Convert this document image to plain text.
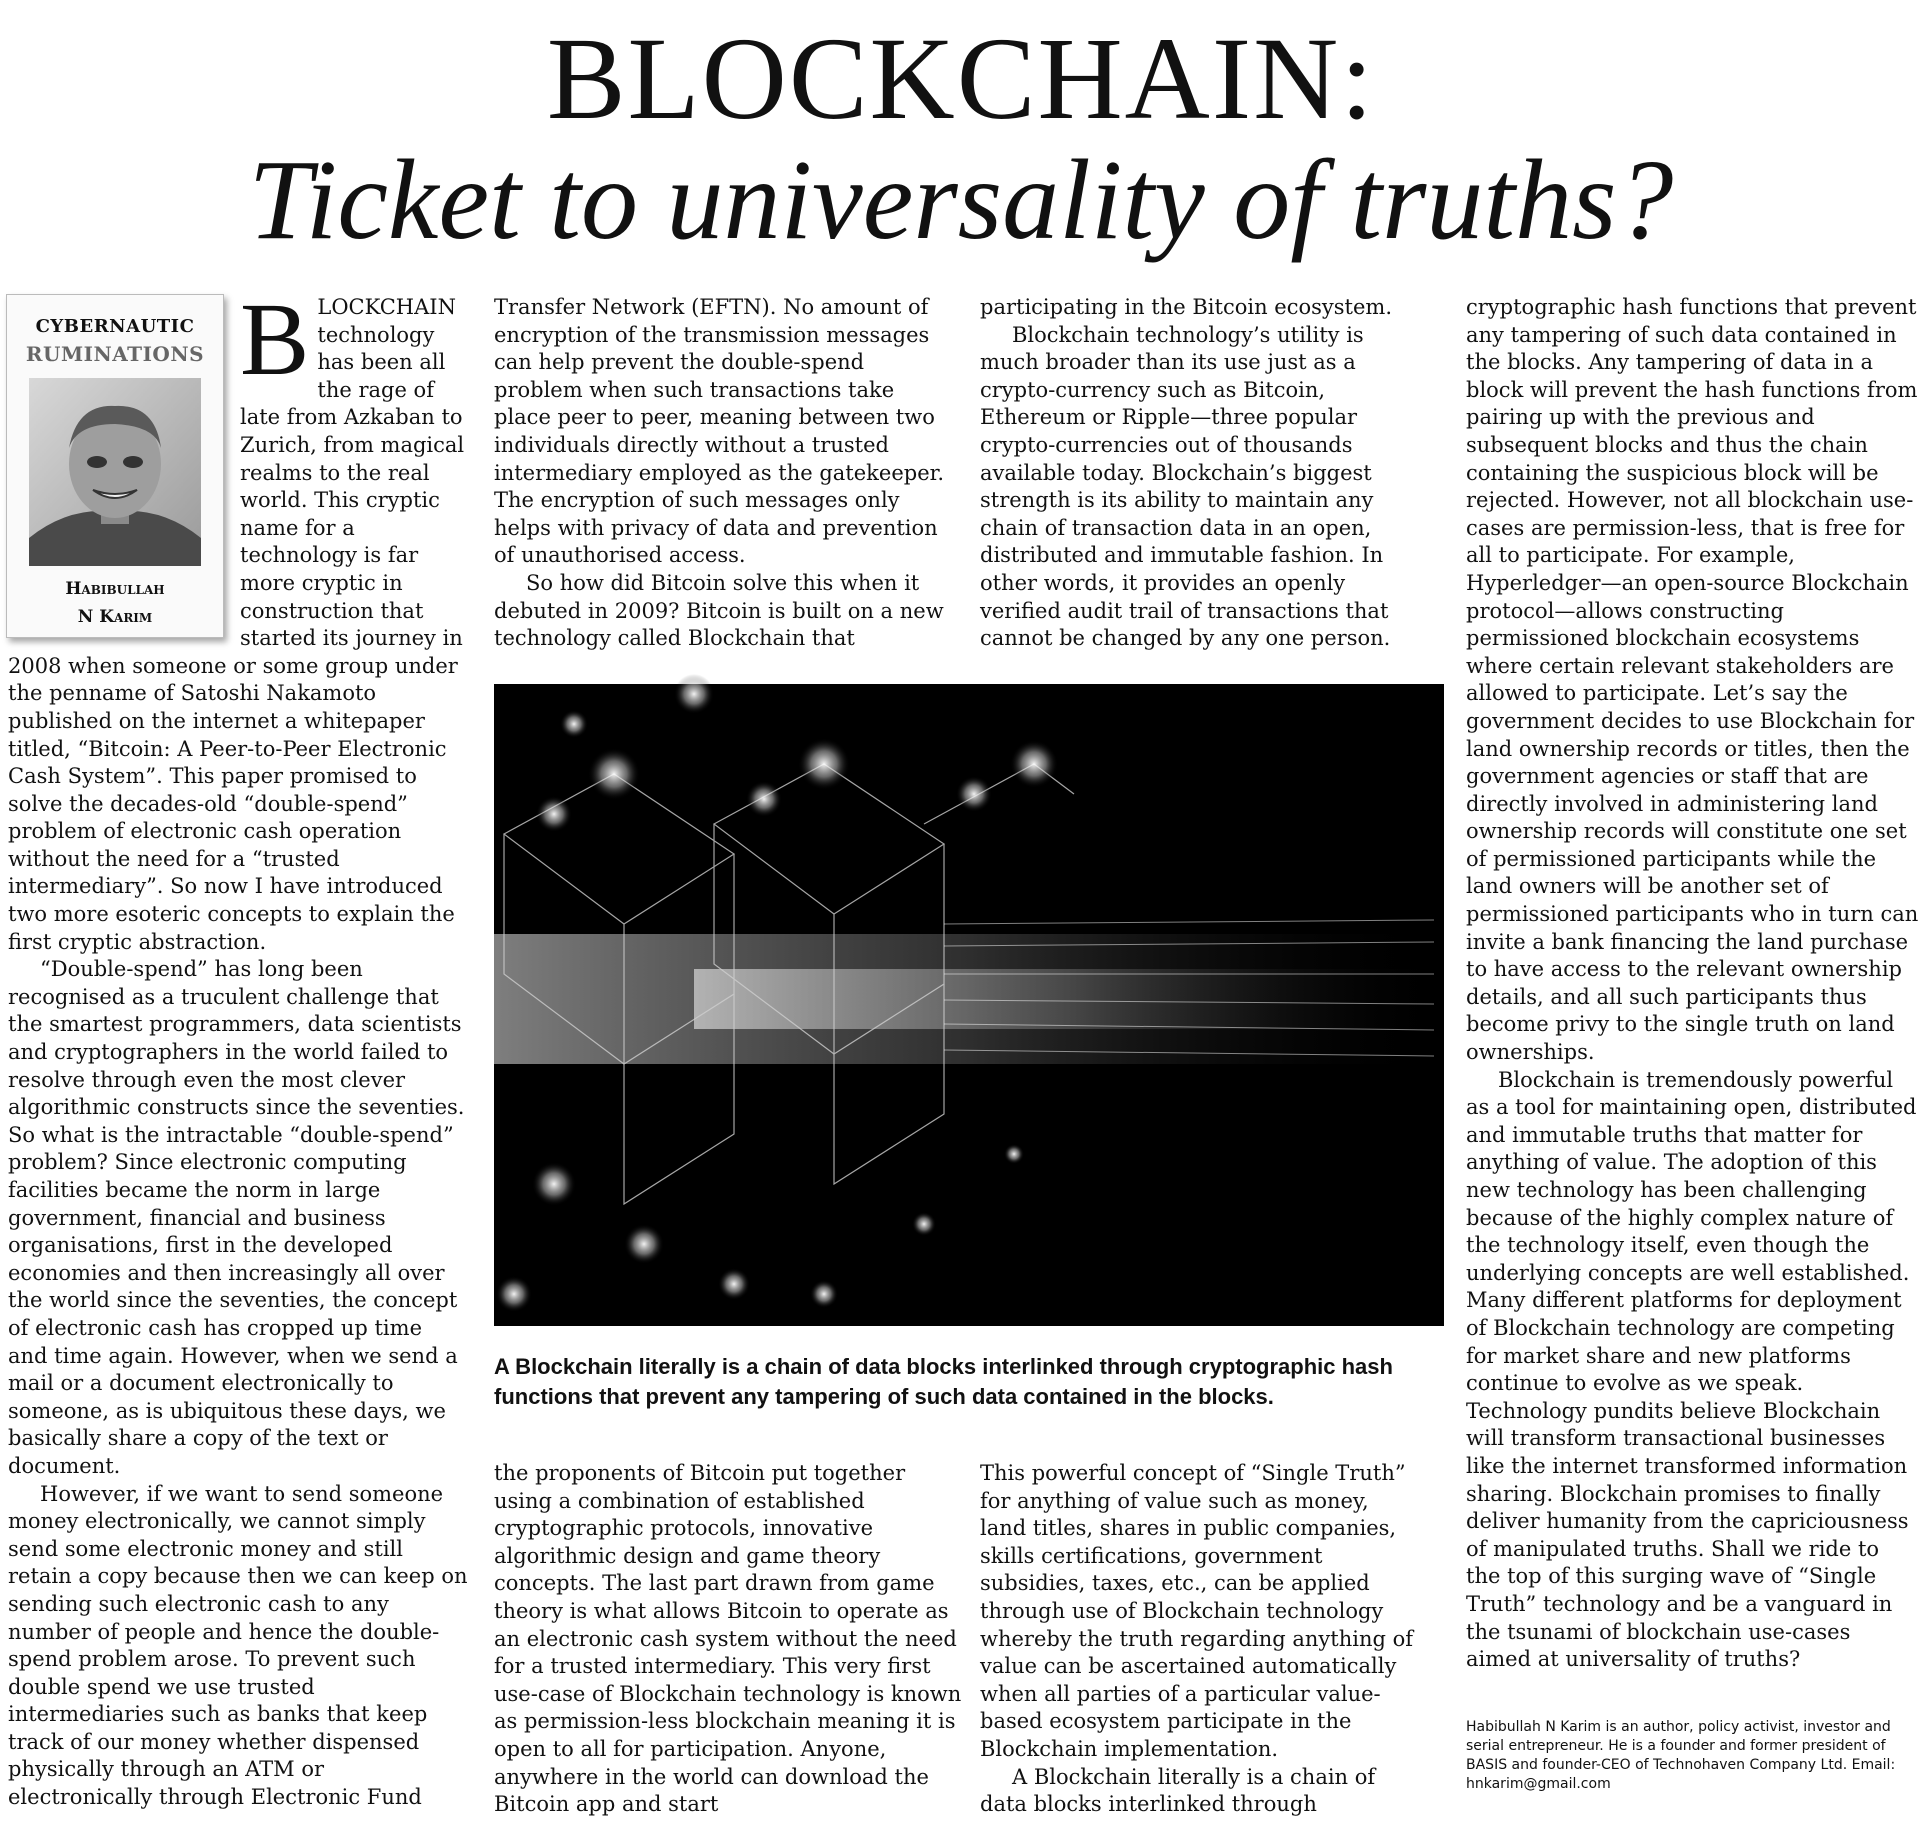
BLOCKCHAIN:
Ticket to universality of truths?
CYBERNAUTIC
RUMINATIONS
Habibullah
N Karim
B LOCKCHAIN technology has been all the rage of late from Azkaban to Zurich, from magical realms to the real world. This cryptic name for a technology is far more cryptic in construction that started its journey in 2008 when someone or some group under the penname of Satoshi Nakamoto published on the internet a whitepaper titled, “Bitcoin: A Peer-to-Peer Electronic Cash System”. This paper promised to solve the decades-old “double-spend” problem of electronic cash operation without the need for a “trusted intermediary”. So now I have introduced two more esoteric concepts to explain the first cryptic abstraction.

“Double-spend” has long been recognised as a truculent challenge that the smartest programmers, data scientists and cryptographers in the world failed to resolve through even the most clever algorithmic constructs since the seventies. So what is the intractable “double-spend” problem? Since electronic computing facilities became the norm in large government, financial and business organisations, first in the developed economies and then increasingly all over the world since the seventies, the concept of electronic cash has cropped up time and time again. However, when we send a mail or a document electronically to someone, as is ubiquitous these days, we basically share a copy of the text or document.

However, if we want to send someone money electronically, we cannot simply send some electronic money and still retain a copy because then we can keep on sending such electronic cash to any number of people and hence the double-spend problem arose. To prevent such double spend we use trusted intermediaries such as banks that keep track of our money whether dispensed physically through an ATM or electronically through Electronic Fund

Transfer Network (EFTN). No amount of encryption of the transmission messages can help prevent the double-spend problem when such transactions take place peer to peer, meaning between two individuals directly without a trusted intermediary employed as the gatekeeper. The encryption of such messages only helps with privacy of data and prevention of unauthorised access.

So how did Bitcoin solve this when it debuted in 2009? Bitcoin is built on a new technology called Blockchain that

participating in the Bitcoin ecosystem.

Blockchain technology’s utility is much broader than its use just as a crypto-currency such as Bitcoin, Ethereum or Ripple—three popular crypto-currencies out of thousands available today. Blockchain’s biggest strength is its ability to maintain any chain of transaction data in an open, distributed and immutable fashion. In other words, it provides an openly verified audit trail of transactions that cannot be changed by any one person.

A Blockchain literally is a chain of data blocks interlinked through cryptographic hash functions that prevent any tampering of such data contained in the blocks.

the proponents of Bitcoin put together using a combination of established cryptographic protocols, innovative algorithmic design and game theory concepts. The last part drawn from game theory is what allows Bitcoin to operate as an electronic cash system without the need for a trusted intermediary. This very first use-case of Blockchain technology is known as permission-less blockchain meaning it is open to all for participation. Anyone, anywhere in the world can download the Bitcoin app and start

This powerful concept of “Single Truth” for anything of value such as money, land titles, shares in public companies, skills certifications, government subsidies, taxes, etc., can be applied through use of Blockchain technology whereby the truth regarding anything of value can be ascertained automatically when all parties of a particular value-based ecosystem participate in the Blockchain implementation.

A Blockchain literally is a chain of data blocks interlinked through

cryptographic hash functions that prevent any tampering of such data contained in the blocks. Any tampering of data in a block will prevent the hash functions from pairing up with the previous and subsequent blocks and thus the chain containing the suspicious block will be rejected. However, not all blockchain use-cases are permission-less, that is free for all to participate. For example, Hyperledger—an open-source Blockchain protocol—allows constructing permissioned blockchain ecosystems where certain relevant stakeholders are allowed to participate. Let’s say the government decides to use Blockchain for land ownership records or titles, then the government agencies or staff that are directly involved in administering land ownership records will constitute one set of permissioned participants while the land owners will be another set of permissioned participants who in turn can invite a bank financing the land purchase to have access to the relevant ownership details, and all such participants thus become privy to the single truth on land ownerships.

Blockchain is tremendously powerful as a tool for maintaining open, distributed and immutable truths that matter for anything of value. The adoption of this new technology has been challenging because of the highly complex nature of the technology itself, even though the underlying concepts are well established. Many different platforms for deployment of Blockchain technology are competing for market share and new platforms continue to evolve as we speak. Technology pundits believe Blockchain will transform transactional businesses like the internet transformed information sharing. Blockchain promises to finally deliver humanity from the capriciousness of manipulated truths. Shall we ride to the top of this surging wave of “Single Truth” technology and be a vanguard in the tsunami of blockchain use-cases aimed at universality of truths?

Habibullah N Karim is an author, policy activist, investor and serial entrepreneur. He is a founder and former president of BASIS and founder-CEO of Technohaven Company Ltd. Email: hnkarim@gmail.com
